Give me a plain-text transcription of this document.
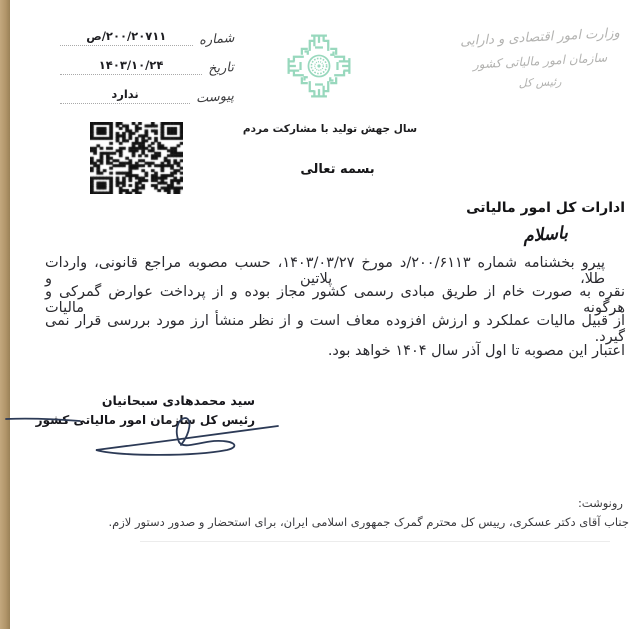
شماره
۲۰۰/۲۰۷۱۱/ص
تاریخ
۱۴۰۳/۱۰/۲۴
پیوست
ندارد
وزارت امور اقتصادی و دارایی
سازمان امور مالیاتی کشور
رئیس کل
سال جهش تولید با مشارکت مردم
بسمه تعالی
ادارات کل امور مالیاتی
باسلام
پیرو بخشنامه شماره ۲۰۰/۶۱۱۳/د مورخ ۱۴۰۳/۰۳/۲۷، حسب مصوبه مراجع قانونی، واردات طلا، پلاتین و
نقره به صورت خام از طریق مبادی رسمی کشور مجاز بوده و از پرداخت عوارض گمرکی و هرگونه مالیات
از قبیل مالیات عملکرد و ارزش افزوده معاف است و از نظر منشأ ارز مورد بررسی قرار نمی گیرد.
اعتبار این مصوبه تا اول آذر سال ۱۴۰۴ خواهد بود.
سید محمدهادی سبحانیان
رئیس کل سازمان امور مالیاتی کشور
رونوشت:
جناب آقای دکتر عسکری، رییس کل محترم گمرک جمهوری اسلامی ایران، برای استحضار و صدور دستور لازم.
